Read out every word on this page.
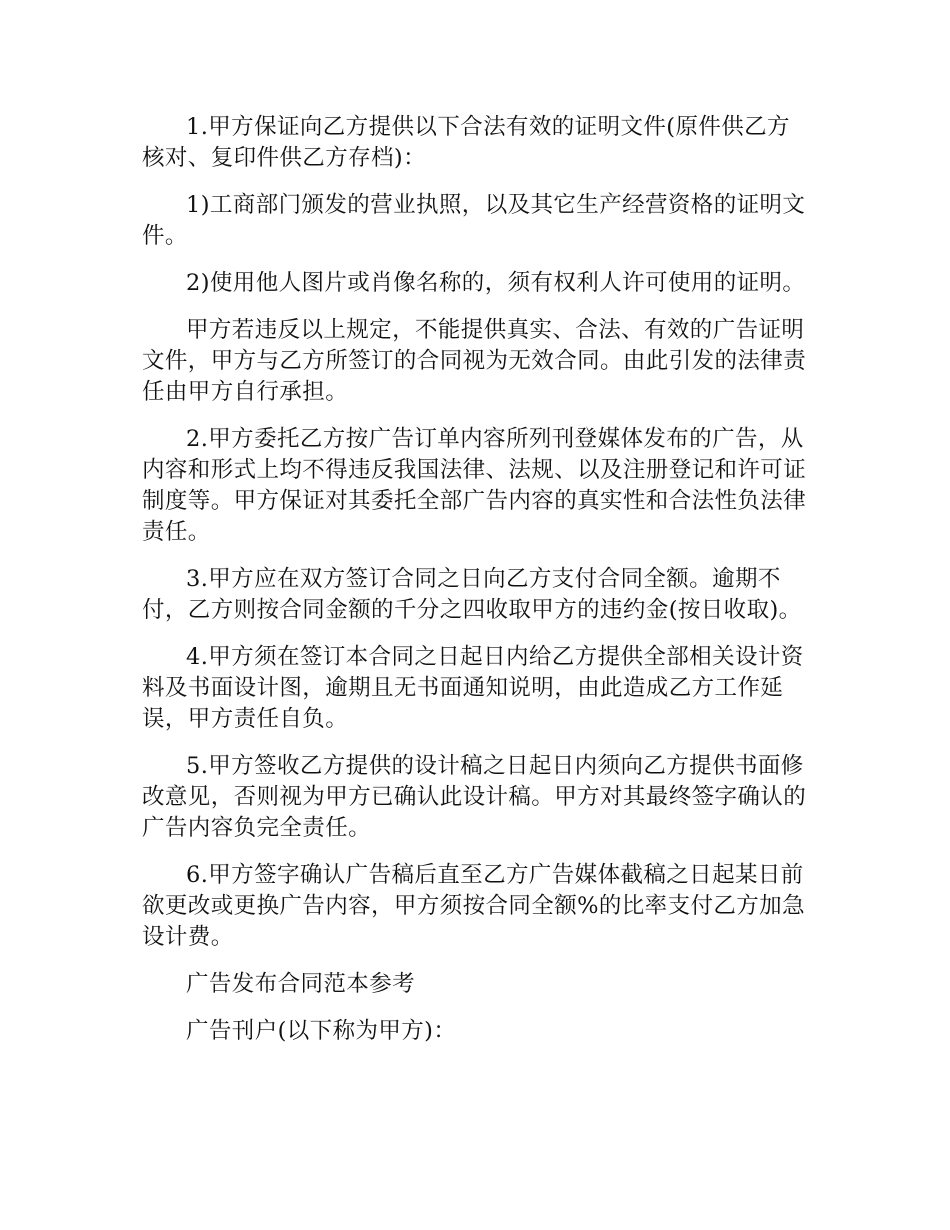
1.甲方保证向乙方提供以下合法有效的证明文件(原件供乙方核对、复印件供乙方存档)：

1)工商部门颁发的营业执照，以及其它生产经营资格的证明文件。

2)使用他人图片或肖像名称的，须有权利人许可使用的证明。

甲方若违反以上规定，不能提供真实、合法、有效的广告证明文件，甲方与乙方所签订的合同视为无效合同。由此引发的法律责任由甲方自行承担。

2.甲方委托乙方按广告订单内容所列刊登媒体发布的广告，从内容和形式上均不得违反我国法律、法规、以及注册登记和许可证制度等。甲方保证对其委托全部广告内容的真实性和合法性负法律责任。

3.甲方应在双方签订合同之日向乙方支付合同全额。逾期不付，乙方则按合同金额的千分之四收取甲方的违约金(按日收取)。

4.甲方须在签订本合同之日起日内给乙方提供全部相关设计资料及书面设计图，逾期且无书面通知说明，由此造成乙方工作延误，甲方责任自负。

5.甲方签收乙方提供的设计稿之日起日内须向乙方提供书面修改意见，否则视为甲方已确认此设计稿。甲方对其最终签字确认的广告内容负完全责任。

6.甲方签字确认广告稿后直至乙方广告媒体截稿之日起某日前欲更改或更换广告内容，甲方须按合同全额%的比率支付乙方加急设计费。

广告发布合同范本参考

广告刊户(以下称为甲方)：
